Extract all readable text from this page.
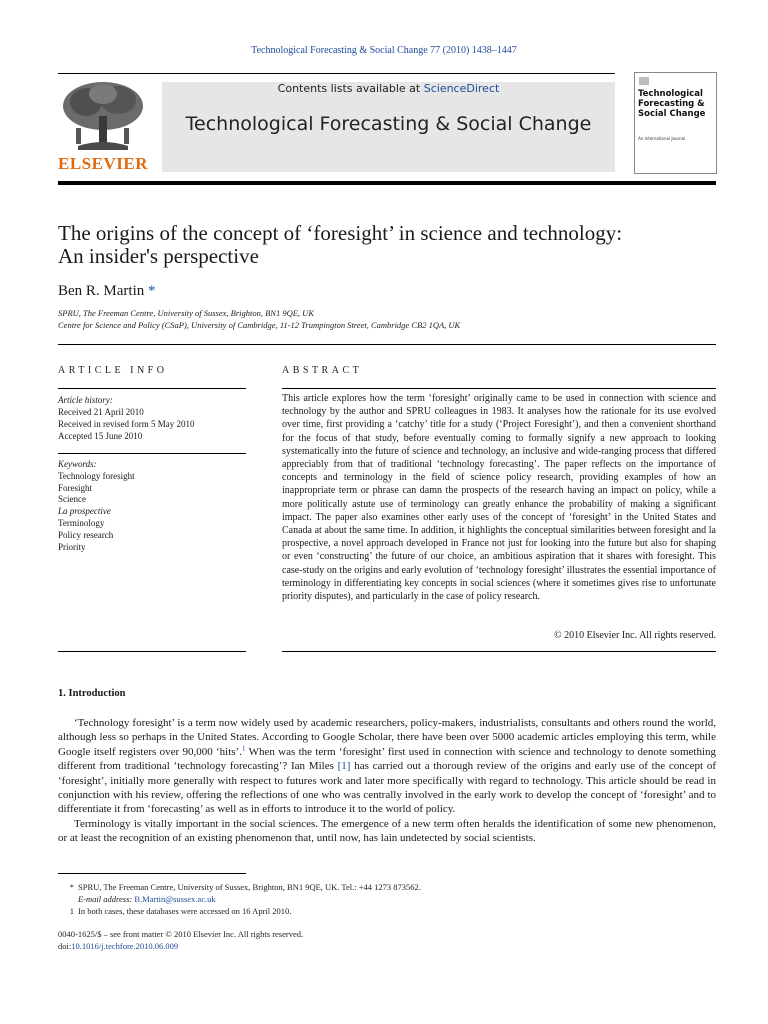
Technological Forecasting & Social Change 77 (2010) 1438–1447
ELSEVIER
Contents lists available at ScienceDirect
Technological Forecasting & Social Change
Technological Forecasting & Social Change
An International Journal
The origins of the concept of ‘foresight’ in science and technology:
An insider's perspective
Ben R. Martin *
SPRU, The Freeman Centre, University of Sussex, Brighton, BN1 9QE, UK
Centre for Science and Policy (CSaP), University of Cambridge, 11-12 Trumpington Street, Cambridge CB2 1QA, UK
ARTICLE INFO
Article history:
Received 21 April 2010
Received in revised form 5 May 2010
Accepted 15 June 2010
Keywords:
Technology foresight
Foresight
Science
La prospective
Terminology
Policy research
Priority
ABSTRACT
This article explores how the term ‘foresight’ originally came to be used in connection with science and technology by the author and SPRU colleagues in 1983. It analyses how the rationale for its use evolved over time, first providing a ‘catchy’ title for a study (‘Project Foresight’), and then a convenient shorthand for the focus of that study, before eventually coming to formally signify a new approach to looking systematically into the future of science and technology, an inclusive and wide-ranging process that differed appreciably from that of traditional ‘technology forecasting’. The paper reflects on the importance of concepts and terminology in the field of science policy research, providing examples of how an inappropriate term or phrase can damn the prospects of the research having an impact on policy, while a more politically astute use of terminology can greatly enhance the probability of making a significant impact. The paper also examines other early uses of the concept of ‘foresight’ in the United States and Canada at about the same time. In addition, it highlights the conceptual similarities between foresight and la prospective, a novel approach developed in France not just for looking into the future but also for shaping or even ‘constructing’ the future of our choice, an ambitious aspiration that it shares with foresight. This case-study on the origins and early evolution of ‘technology foresight’ illustrates the essential importance of terminology in differentiating key concepts in social sciences (where it sometimes gives rise to unfortunate priority disputes), and particularly in the case of policy research.
© 2010 Elsevier Inc. All rights reserved.
1. Introduction

‘Technology foresight’ is a term now widely used by academic researchers, policy-makers, industrialists, consultants and others round the world, although less so perhaps in the United States. According to Google Scholar, there have been over 5000 academic articles employing this term, while Google itself registers over 90,000 ‘hits’.$^1$ When was the term ‘foresight’ first used in connection with science and technology to denote something different from traditional ‘technology forecasting’? Ian Miles [1] has carried out a thorough review of the origins and early use of the concept of ‘foresight’, initially more generally with respect to futures work and later more specifically with regard to technology. This article should be read in conjunction with his review, offering the reflections of one who was centrally involved in the early work to develop the concept of ‘foresight’ and to differentiate it from ‘forecasting’ as well as in efforts to introduce it to the world of policy.

Terminology is vitally important in the social sciences. The emergence of a new term often heralds the identification of some new phenomenon, or at least the recognition of an existing phenomenon that, until now, has lain undetected by social scientists.

* SPRU, The Freeman Centre, University of Sussex, Brighton, BN1 9QE, UK. Tel.: +44 1273 873562.
E-mail address: B.Martin@sussex.ac.uk
1 In both cases, these databases were accessed on 16 April 2010.
0040-1625/$ – see front matter © 2010 Elsevier Inc. All rights reserved.
doi:10.1016/j.techfore.2010.06.009
